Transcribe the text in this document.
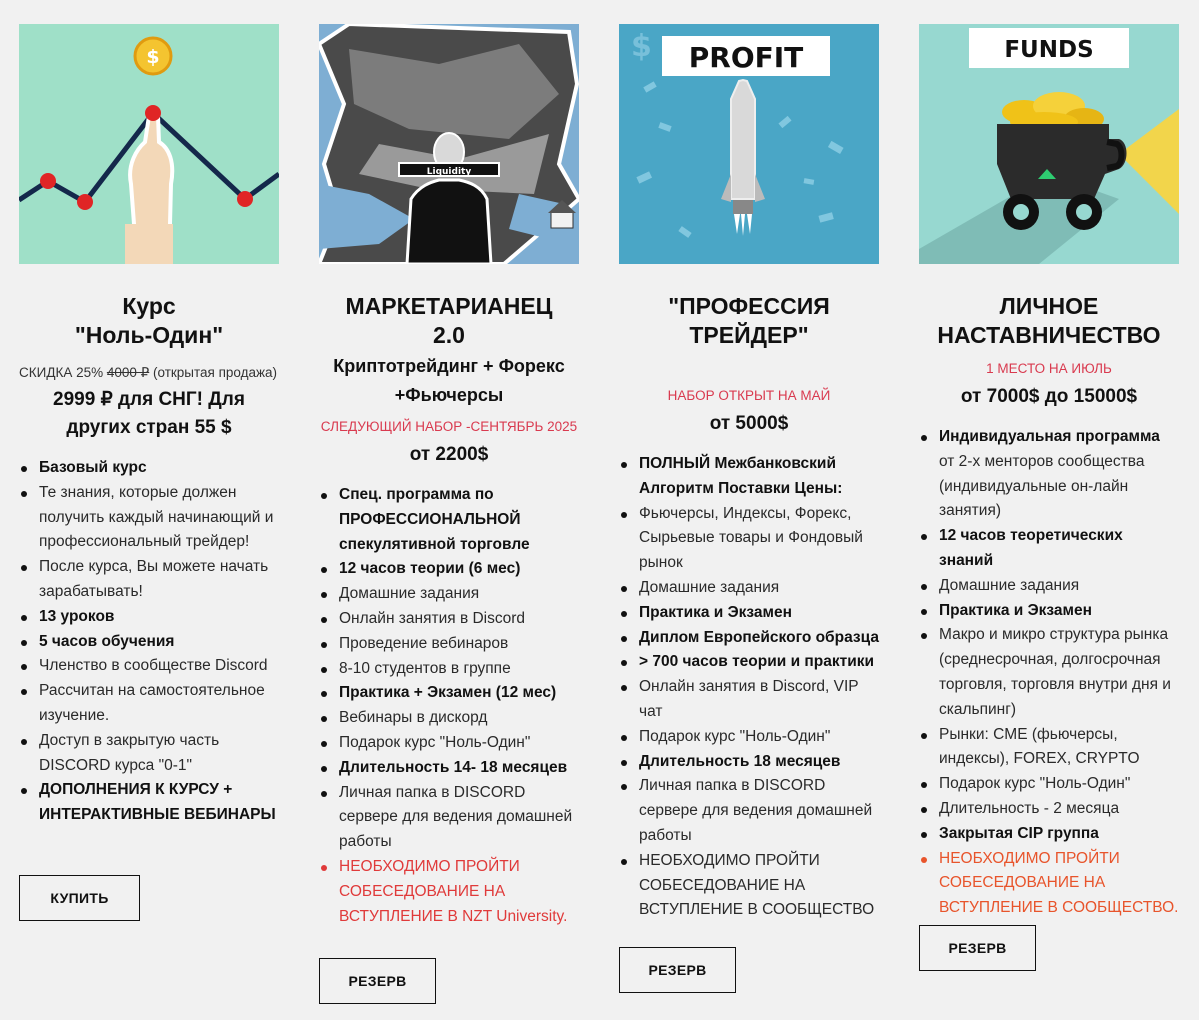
$
Курс
"Ноль-Один"
СКИДКА 25% 4000 ₽ (открытая продажа)
2999 ₽ для СНГ! Для других стран 55 $
Базовый курс
Те знания, которые должен получить каждый начинающий и профессиональный трейдер!
После курса, Вы можете начать зарабатывать!
13 уроков
5 часов обучения
Членство в сообществе Discord
Рассчитан на самостоятельное изучение.
Доступ в закрытую часть DISCORD курса "0-1"
ДОПОЛНЕНИЯ К КУРСУ + ИНТЕРАКТИВНЫЕ ВЕБИНАРЫ
КУПИТЬ
Liquidity
МАРКЕТАРИАНЕЦ
2.0
Криптотрейдинг + Форекс +Фьючерсы
СЛЕДУЮЩИЙ НАБОР -СЕНТЯБРЬ 2025
от 2200$
Спец. программа по ПРОФЕССИОНАЛЬНОЙ спекулятивной торговле
12 часов теории (6 мес)
Домашние задания
Онлайн занятия в Discord
Проведение вебинаров
8-10 студентов в группе
Практика + Экзамен (12 мес)
Вебинары в дискорд
Подарок курс "Ноль-Один"
Длительность 14- 18 месяцев
Личная папка в DISCORD сервере для ведения домашней работы
НЕОБХОДИМО ПРОЙТИ СОБЕСЕДОВАНИЕ НА ВСТУПЛЕНИЕ В NZT University.
РЕЗЕРВ
$ PROFIT
"ПРОФЕССИЯ
ТРЕЙДЕР"
НАБОР ОТКРЫТ НА МАЙ
от 5000$
ПОЛНЫЙ Межбанковский Алгоритм Поставки Цены:
Фьючерсы, Индексы, Форекс, Сырьевые товары и Фондовый рынок
Домашние задания
Практика и Экзамен
Диплом Европейского образца
> 700 часов теории и практики
Онлайн занятия в Discord, VIP чат
Подарок курс "Ноль-Один"
Длительность 18 месяцев
Личная папка в DISCORD сервере для ведения домашней работы
НЕОБХОДИМО ПРОЙТИ СОБЕСЕДОВАНИЕ НА ВСТУПЛЕНИЕ В СООБЩЕСТВО
РЕЗЕРВ
FUNDS
ЛИЧНОЕ
НАСТАВНИЧЕСТВО
1 МЕСТО НА ИЮЛЬ
от 7000$ до 15000$
Индивидуальная программа от 2-х менторов сообщества (индивидуальные он-лайн занятия)
12 часов теоретических знаний
Домашние задания
Практика и Экзамен
Макро и микро структура рынка (среднесрочная, долгосрочная торговля, торговля внутри дня и скальпинг)
Рынки: CME (фьючерсы, индексы), FOREX, CRYPTO
Подарок курс "Ноль-Один"
Длительность - 2 месяца
Закрытая CIP группа
НЕОБХОДИМО ПРОЙТИ СОБЕСЕДОВАНИЕ НА ВСТУПЛЕНИЕ В СООБЩЕСТВО.
РЕЗЕРВ
